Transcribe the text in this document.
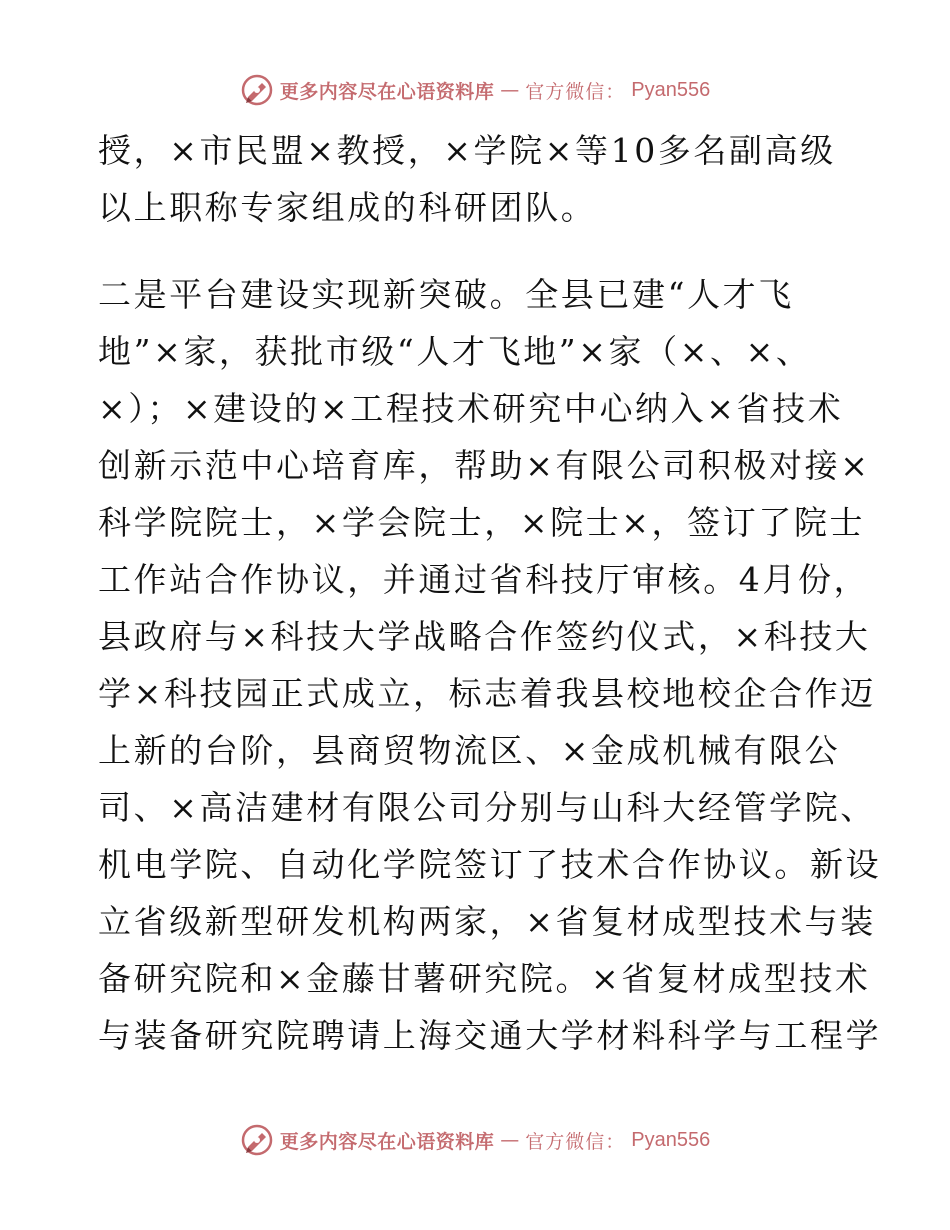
更多内容尽在心语资料库 — 官方微信： Pyan556
授，×市民盟×教授，×学院×等10多名副高级
以上职称专家组成的科研团队。
二是平台建设实现新突破。全县已建“人才飞
地”×家，获批市级“人才飞地”×家（×、×、
×）；×建设的×工程技术研究中心纳入×省技术
创新示范中心培育库，帮助×有限公司积极对接×
科学院院士，×学会院士，×院士×，签订了院士
工作站合作协议，并通过省科技厅审核。4月份，
县政府与×科技大学战略合作签约仪式，×科技大
学×科技园正式成立，标志着我县校地校企合作迈
上新的台阶，县商贸物流区、×金成机械有限公
司、×高洁建材有限公司分别与山科大经管学院、
机电学院、自动化学院签订了技术合作协议。新设
立省级新型研发机构两家，×省复材成型技术与装
备研究院和×金藤甘薯研究院。×省复材成型技术
与装备研究院聘请上海交通大学材料科学与工程学
更多内容尽在心语资料库 — 官方微信： Pyan556
